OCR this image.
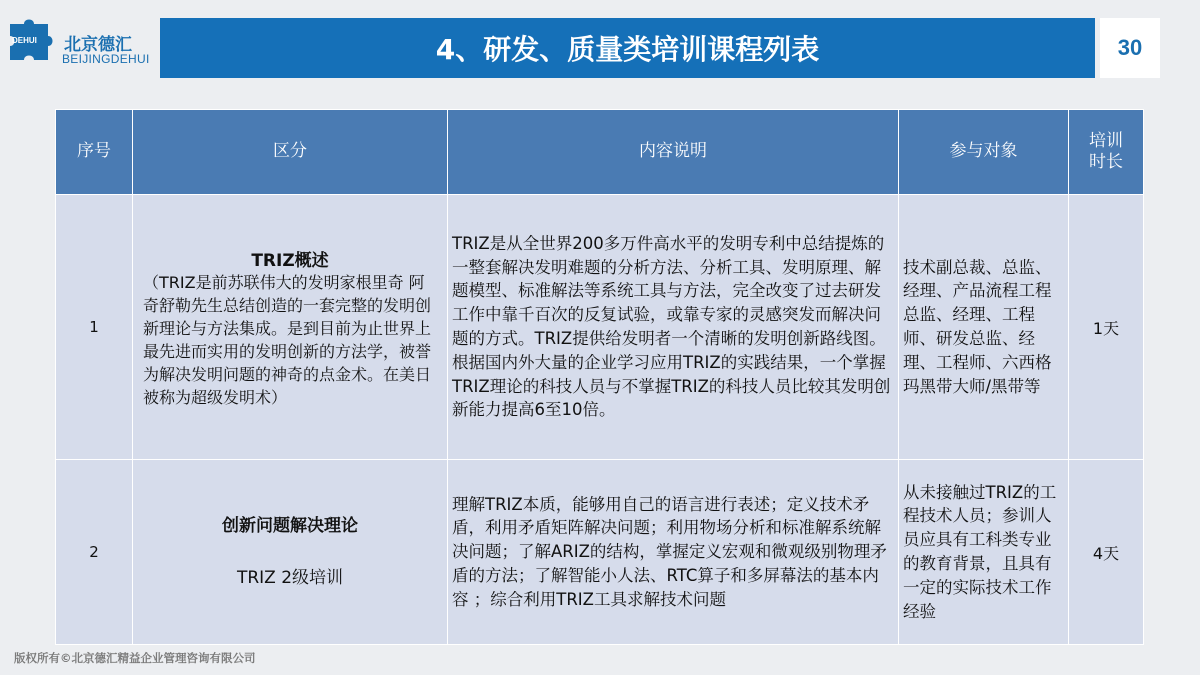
DEHUI 北京德汇
BEIJINGDEHUI	4、研发、质量类培训课程列表	30
序号	区分	内容说明	参与对象	培训
时长
1	TRIZ概述
（TRIZ是前苏联伟大的发明家根里奇 阿奇舒勒先生总结创造的一套完整的发明创新理论与方法集成。是到目前为止世界上最先进而实用的发明创新的方法学，被誉为解决发明问题的神奇的点金术。在美日被称为超级发明术）	TRIZ是从全世界200多万件高水平的发明专利中总结提炼的一整套解决发明难题的分析方法、分析工具、发明原理、解题模型、标准解法等系统工具与方法，完全改变了过去研发工作中靠千百次的反复试验，或靠专家的灵感突发而解决问题的方式。TRIZ提供给发明者一个清晰的发明创新路线图。根据国内外大量的企业学习应用TRIZ的实践结果，一个掌握TRIZ理论的科技人员与不掌握TRIZ的科技人员比较其发明创新能力提高6至10倍。	技术副总裁、总监、经理、产品流程工程总监、经理、工程师、研发总监、经理、工程师、六西格玛黑带大师/黑带等	1天
2	创新问题解决理论
TRIZ 2级培训	理解TRIZ本质，能够用自己的语言进行表述；定义技术矛盾，利用矛盾矩阵解决问题；利用物场分析和标准解系统解决问题；了解ARIZ的结构，掌握定义宏观和微观级别物理矛盾的方法；了解智能小人法、RTC算子和多屏幕法的基本内容 ；综合利用TRIZ工具求解技术问题	从未接触过TRIZ的工程技术人员；参训人员应具有工科类专业的教育背景，且具有一定的实际技术工作经验	4天
版权所有©北京德汇精益企业管理咨询有限公司
